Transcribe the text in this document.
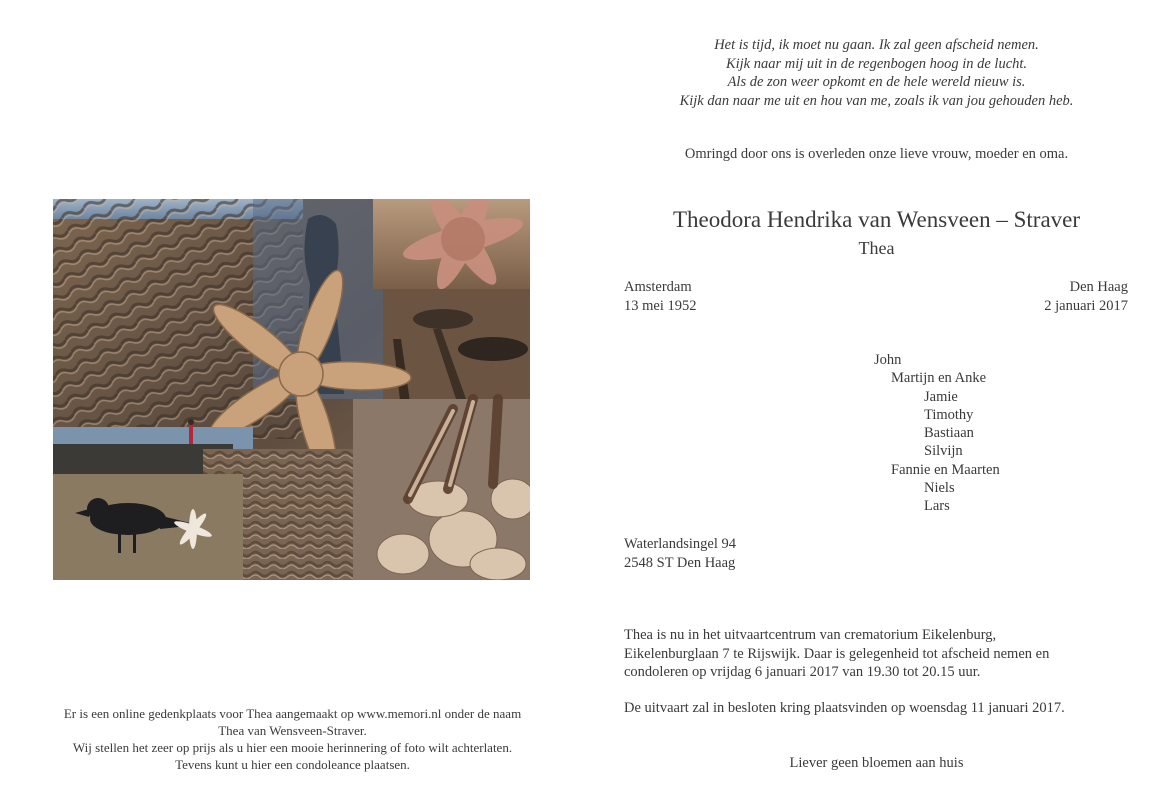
Er is een online gedenkplaats voor Thea aangemaakt op www.memori.nl onder de naam
Thea van Wensveen-Straver.
Wij stellen het zeer op prijs als u hier een mooie herinnering of foto wilt achterlaten.
Tevens kunt u hier een condoleance plaatsen.
Het is tijd, ik moet nu gaan. Ik zal geen afscheid nemen.
Kijk naar mij uit in de regenbogen hoog in de lucht.
Als de zon weer opkomt en de hele wereld nieuw is.
Kijk dan naar me uit en hou van me, zoals ik van jou gehouden heb.
Omringd door ons is overleden onze lieve vrouw, moeder en oma.
Theodora Hendrika van Wensveen – Straver
Thea
Amsterdam
13 mei 1952
Den Haag
2 januari 2017
John
Martijn en Anke
Jamie
Timothy
Bastiaan
Silvijn
Fannie en Maarten
Niels
Lars
Waterlandsingel 94
2548 ST Den Haag
Thea is nu in het uitvaartcentrum van crematorium Eikelenburg,
Eikelenburglaan 7 te Rijswijk. Daar is gelegenheid tot afscheid nemen en
condoleren op vrijdag 6 januari 2017 van 19.30 tot 20.15 uur.
De uitvaart zal in besloten kring plaatsvinden op woensdag 11 januari 2017.
Liever geen bloemen aan huis
